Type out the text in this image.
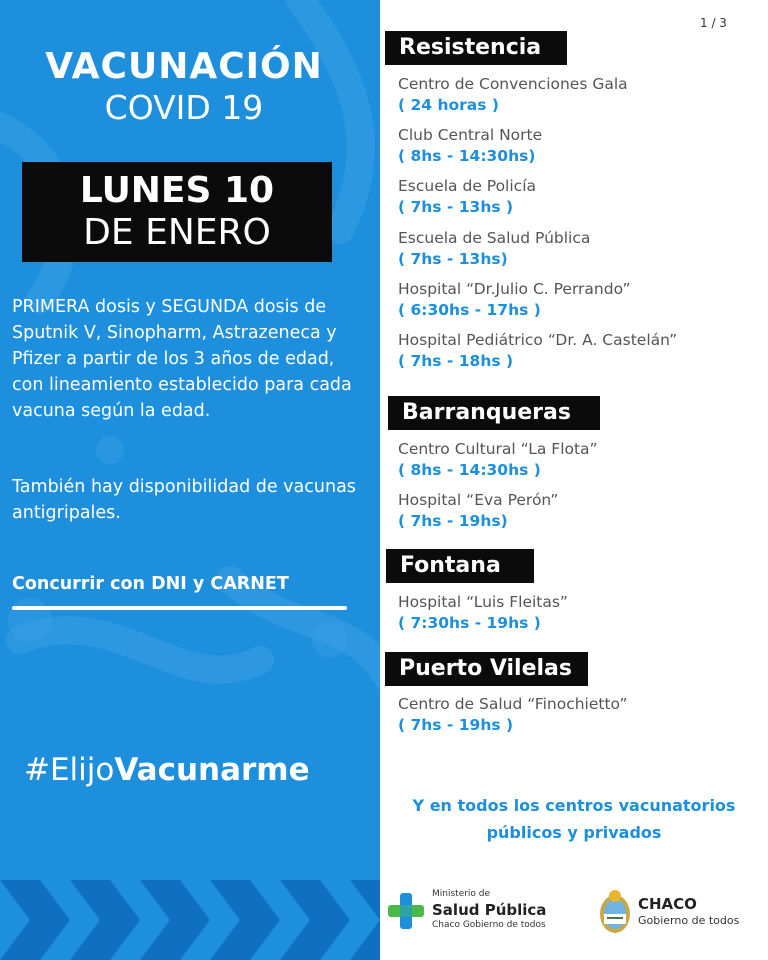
VACUNACIÓN
COVID 19
LUNES 10
DE ENERO
PRIMERA dosis y SEGUNDA dosis de Sputnik V, Sinopharm, Astrazeneca y Pfizer a partir de los 3 años de edad, con lineamiento establecido para cada vacuna según la edad.
También hay disponibilidad de vacunas antigripales.
Concurrir con DNI y CARNET
#ElijoVacunarme
1 / 3
Resistencia
Centro de Convenciones Gala
( 24 horas )
Club Central Norte
( 8hs - 14:30hs)
Escuela de Policía
( 7hs - 13hs )
Escuela de Salud Pública
( 7hs - 13hs)
Hospital “Dr.Julio C. Perrando”
( 6:30hs - 17hs )
Hospital Pediátrico “Dr. A. Castelán”
( 7hs - 18hs )
Barranqueras
Centro Cultural “La Flota”
( 8hs - 14:30hs )
Hospital “Eva Perón”
( 7hs - 19hs)
Fontana
Hospital “Luis Fleitas”
( 7:30hs - 19hs )
Puerto Vilelas
Centro de Salud “Finochietto”
( 7hs - 19hs )
Y en todos los centros vacunatorios
públicos y privados
Ministerio de
Salud Pública
Chaco Gobierno de todos
CHACO
Gobierno de todos
